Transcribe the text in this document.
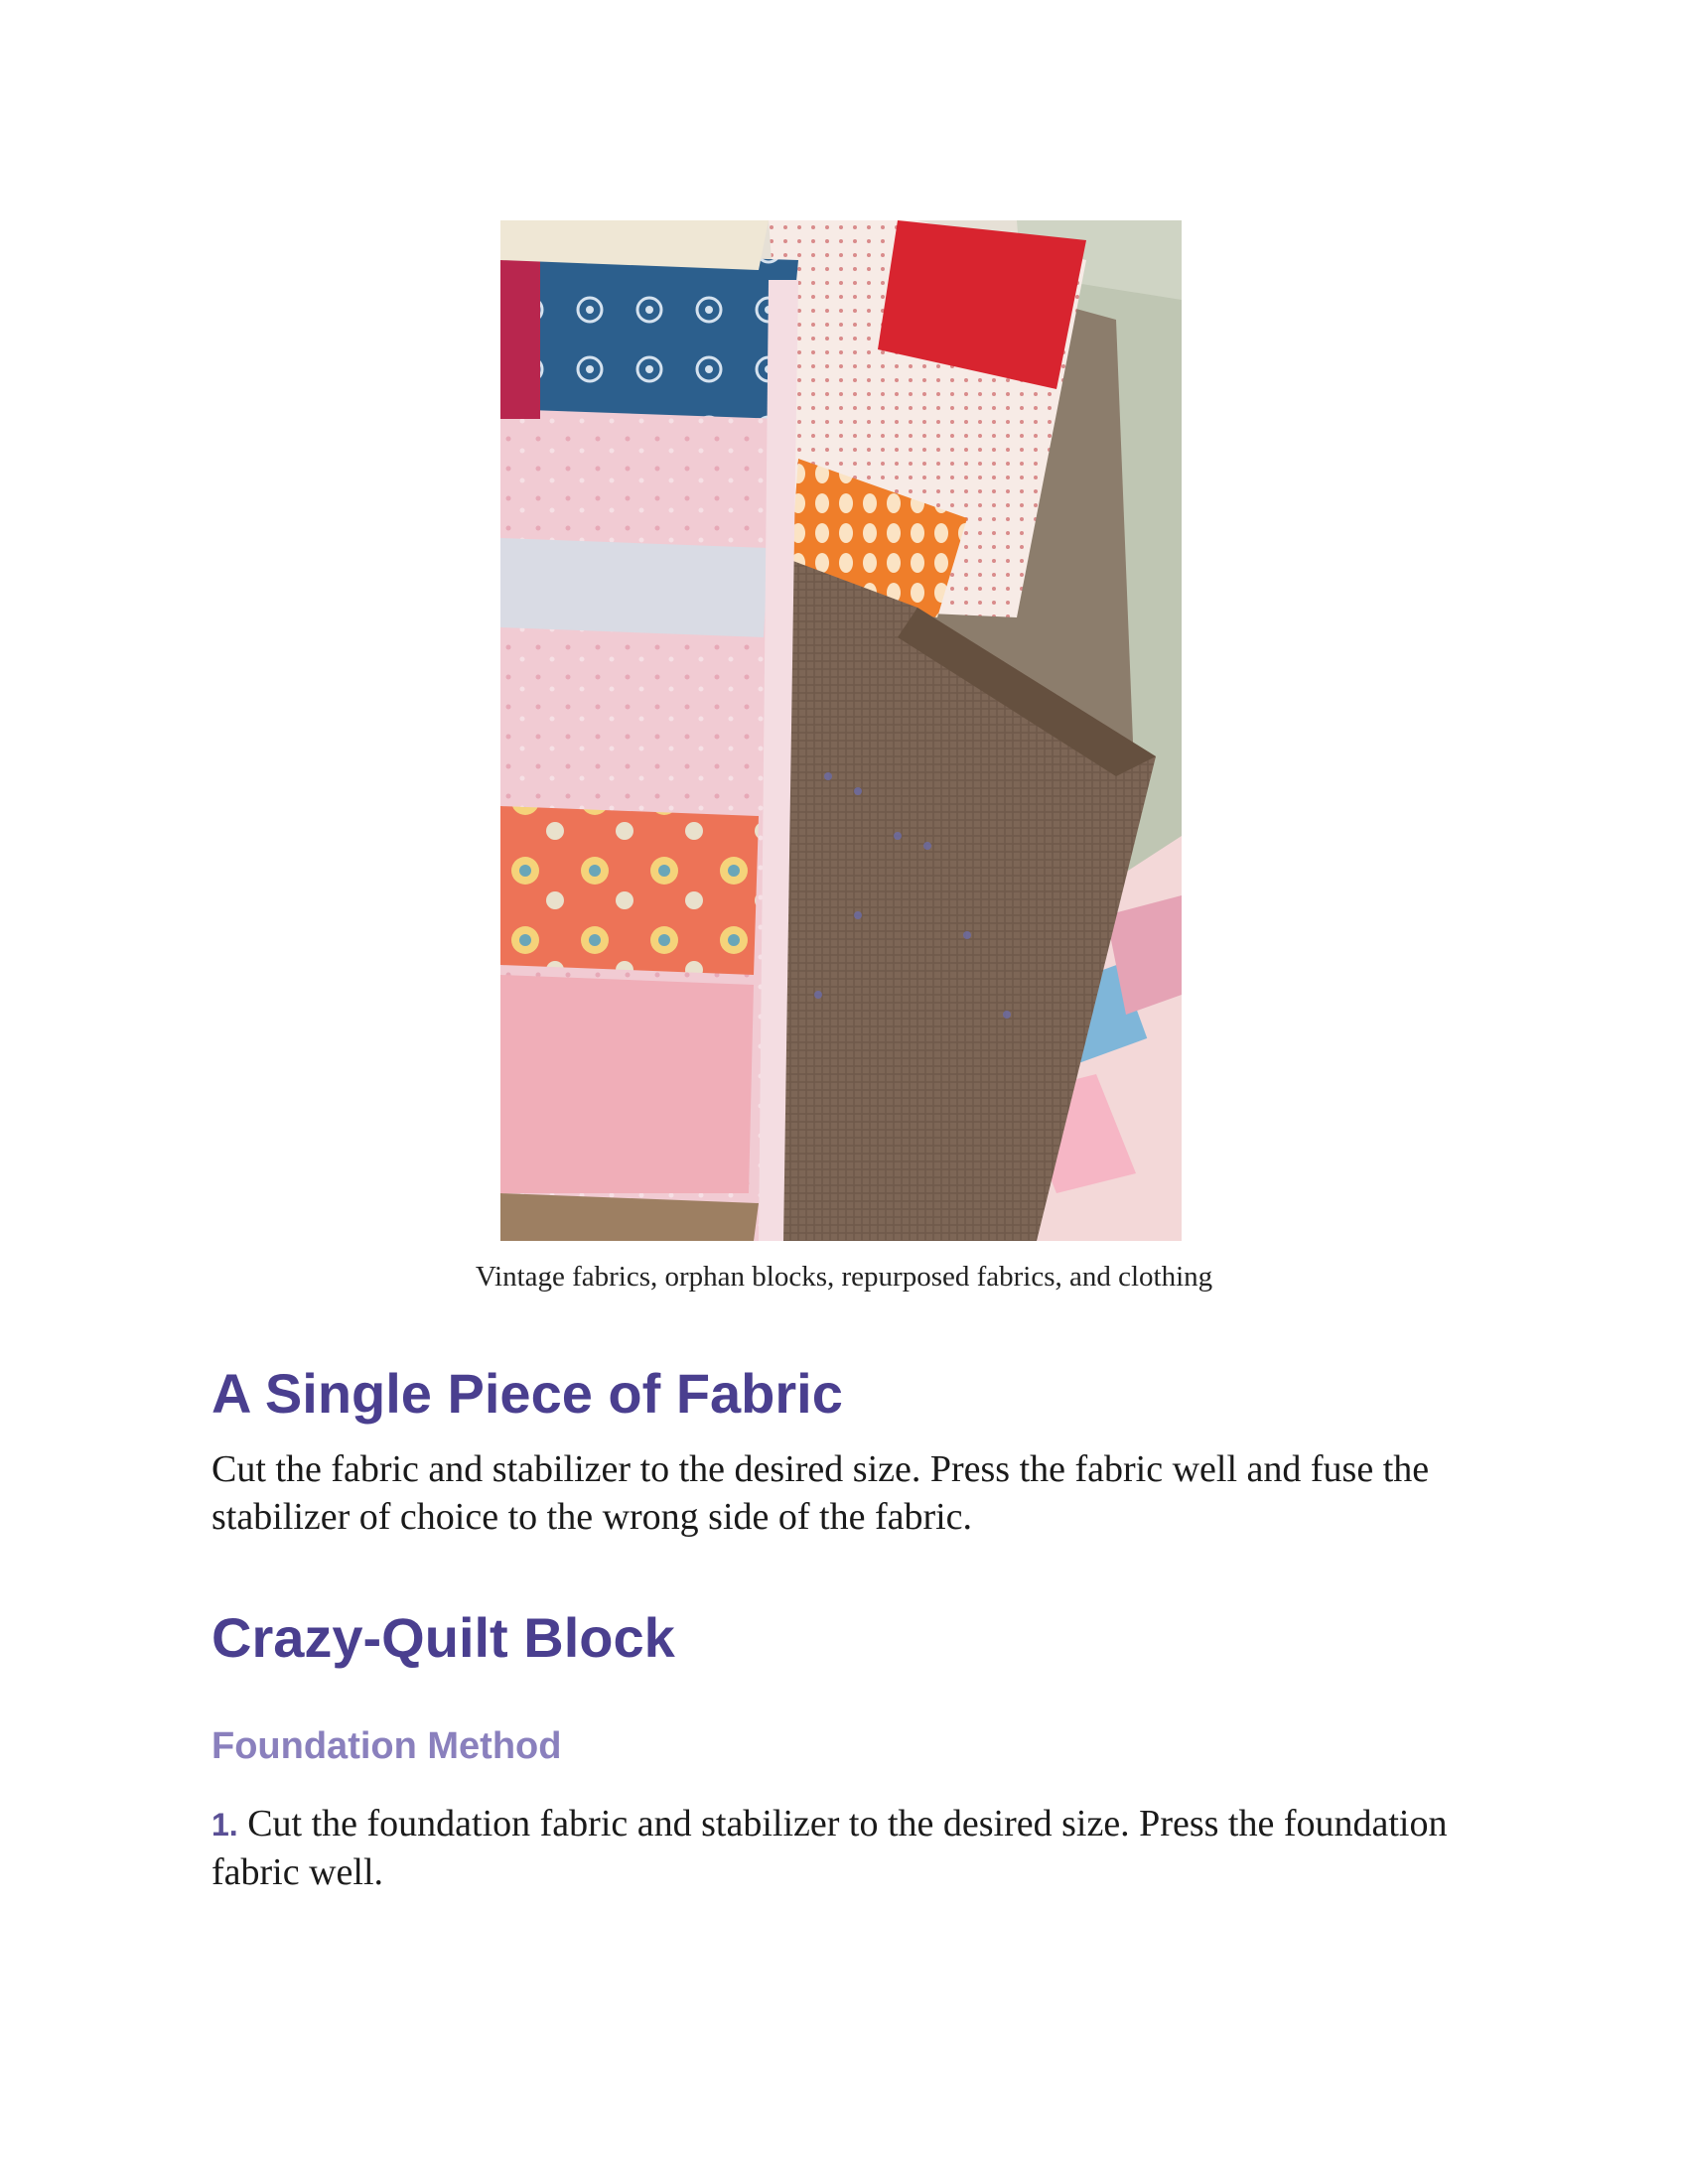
Vintage fabrics, orphan blocks, repurposed fabrics, and clothing
A Single Piece of Fabric

Cut the fabric and stabilizer to the desired size. Press the fabric well and fuse the stabilizer of choice to the wrong side of the fabric.

Crazy-Quilt Block
Foundation Method

1. Cut the foundation fabric and stabilizer to the desired size. Press the foundation fabric well.
